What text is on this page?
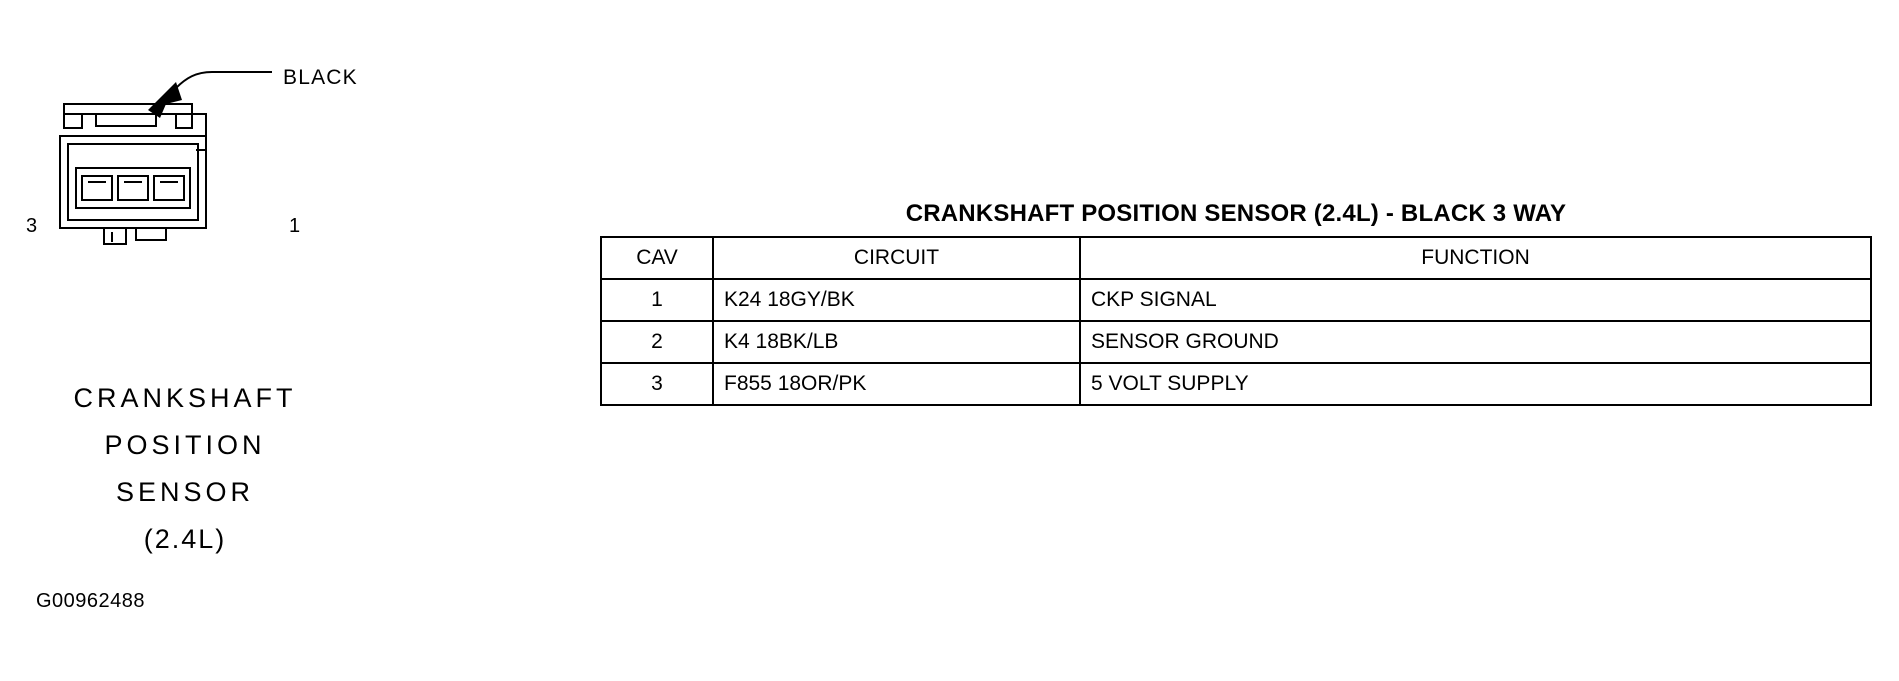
BLACK
3	1
CRANKSHAFT
POSITION
SENSOR
(2.4L)
G00962488
CRANKSHAFT POSITION SENSOR (2.4L) - BLACK 3 WAY
CAV	CIRCUIT	FUNCTION
1	K24 18GY/BK	CKP SIGNAL
2	K4 18BK/LB	SENSOR GROUND
3	F855 18OR/PK	5 VOLT SUPPLY
